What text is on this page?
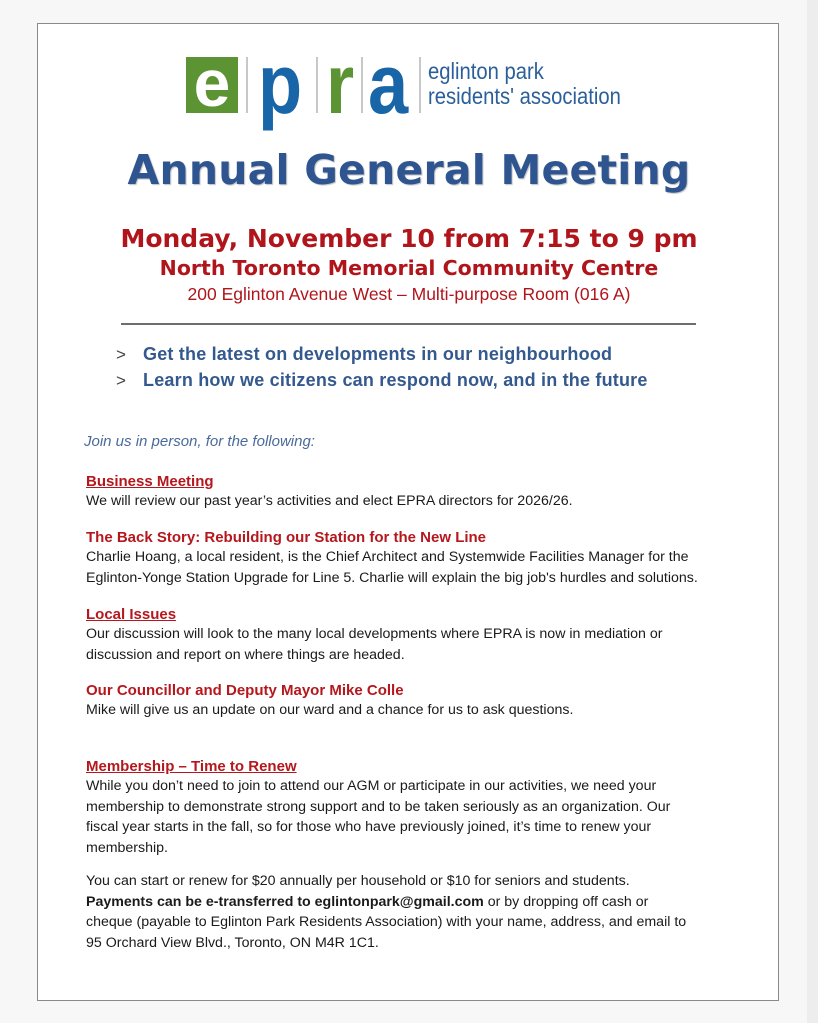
e p r a eglinton park
residents' association
Annual General Meeting
Monday, November 10 from 7:15 to 9 pm
North Toronto Memorial Community Centre
200 Eglinton Avenue West – Multi-purpose Room (016 A)
> Get the latest on developments in our neighbourhood
> Learn how we citizens can respond now, and in the future
Join us in person, for the following:
Business Meeting
We will review our past year’s activities and elect EPRA directors for 2026/26.
The Back Story: Rebuilding our Station for the New Line
Charlie Hoang, a local resident, is the Chief Architect and Systemwide Facilities Manager for the
Eglinton-Yonge Station Upgrade for Line 5. Charlie will explain the big job's hurdles and solutions.
Local Issues
Our discussion will look to the many local developments where EPRA is now in mediation or
discussion and report on where things are headed.
Our Councillor and Deputy Mayor Mike Colle
Mike will give us an update on our ward and a chance for us to ask questions.
Membership – Time to Renew
While you don’t need to join to attend our AGM or participate in our activities, we need your
membership to demonstrate strong support and to be taken seriously as an organization. Our
fiscal year starts in the fall, so for those who have previously joined, it’s time to renew your
membership.
You can start or renew for $20 annually per household or $10 for seniors and students.
Payments can be e-transferred to eglintonpark@gmail.com or by dropping off cash or
cheque (payable to Eglinton Park Residents Association) with your name, address, and email to
95 Orchard View Blvd., Toronto, ON M4R 1C1.
